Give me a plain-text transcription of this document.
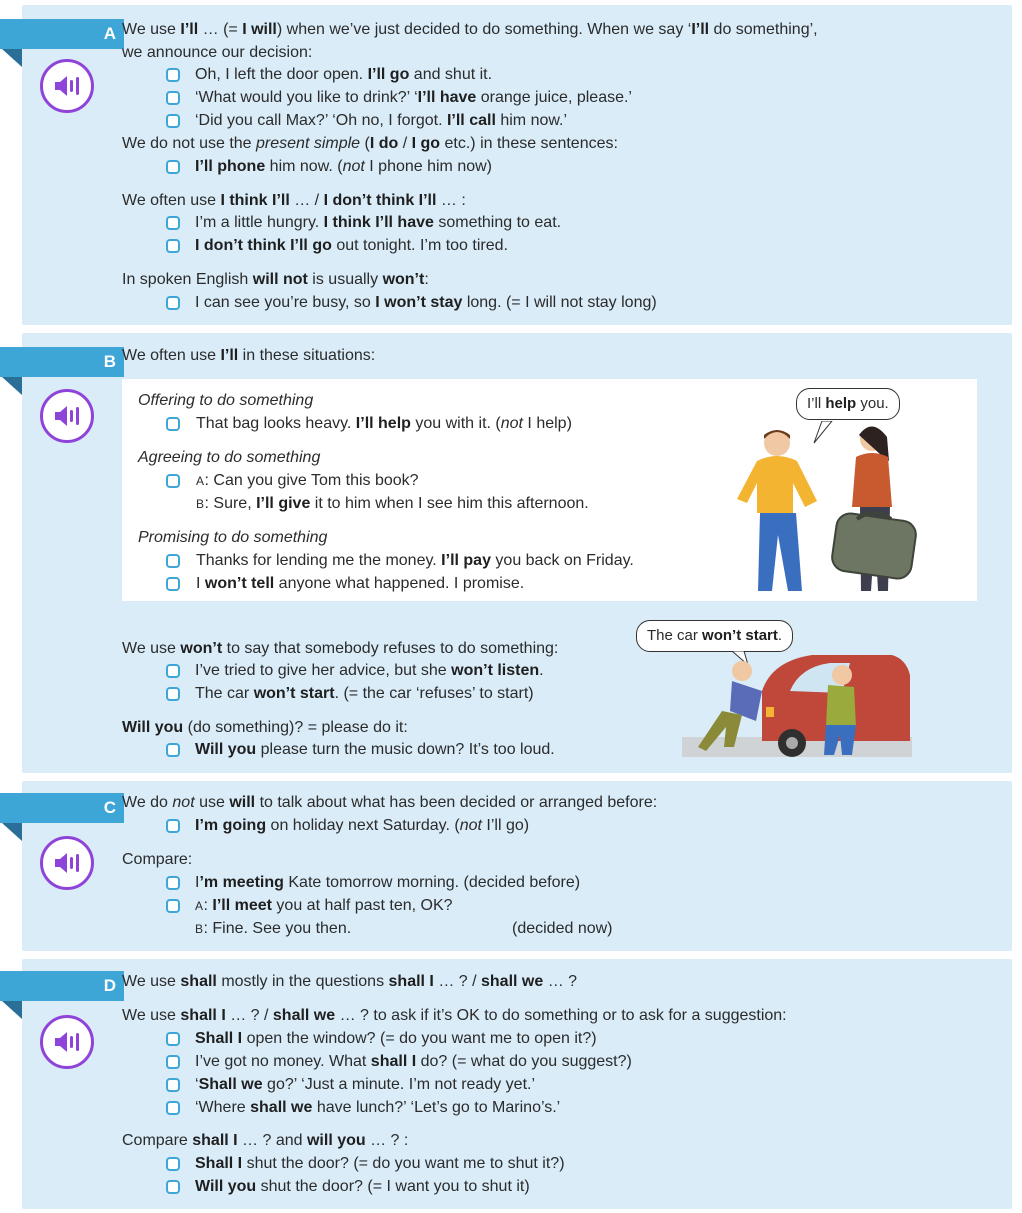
A We use I’ll … (= I will) when we’ve just decided to do something. When we say ‘I’ll do something’,
we announce our decision:
Oh, I left the door open. I’ll go and shut it.
‘What would you like to drink?’ ‘I’ll have orange juice, please.’
‘Did you call Max?’ ‘Oh no, I forgot. I’ll call him now.’
We do not use the present simple (I do / I go etc.) in these sentences:
I’ll phone him now. (not I phone him now)
We often use I think I’ll … / I don’t think I’ll … :
I’m a little hungry. I think I’ll have something to eat.
I don’t think I’ll go out tonight. I’m too tired.
In spoken English will not is usually won’t:
I can see you’re busy, so I won’t stay long. (= I will not stay long)
B We often use I’ll in these situations:
Offering to do something
That bag looks heavy. I’ll help you with it. (not I help)
Agreeing to do something
A: Can you give Tom this book?
B: Sure, I’ll give it to him when I see him this afternoon.
Promising to do something
Thanks for lending me the money. I’ll pay you back on Friday.
I won’t tell anyone what happened. I promise.
I’ll help you.
We use won’t to say that somebody refuses to do something:
I’ve tried to give her advice, but she won’t listen.
The car won’t start. (= the car ‘refuses’ to start)
Will you (do something)? = please do it:
Will you please turn the music down? It’s too loud.
The car won’t start.
C We do not use will to talk about what has been decided or arranged before:
I’m going on holiday next Saturday. (not I’ll go)
Compare:
I’m meeting Kate tomorrow morning. (decided before)
A: I’ll meet you at half past ten, OK?
B: Fine. See you then.	(decided now)
D We use shall mostly in the questions shall I … ? / shall we … ?
We use shall I … ? / shall we … ? to ask if it’s OK to do something or to ask for a suggestion:
Shall I open the window? (= do you want me to open it?)
I’ve got no money. What shall I do? (= what do you suggest?)
‘Shall we go?’ ‘Just a minute. I’m not ready yet.’
‘Where shall we have lunch?’ ‘Let’s go to Marino’s.’
Compare shall I … ? and will you … ? :
Shall I shut the door? (= do you want me to shut it?)
Will you shut the door? (= I want you to shut it)
